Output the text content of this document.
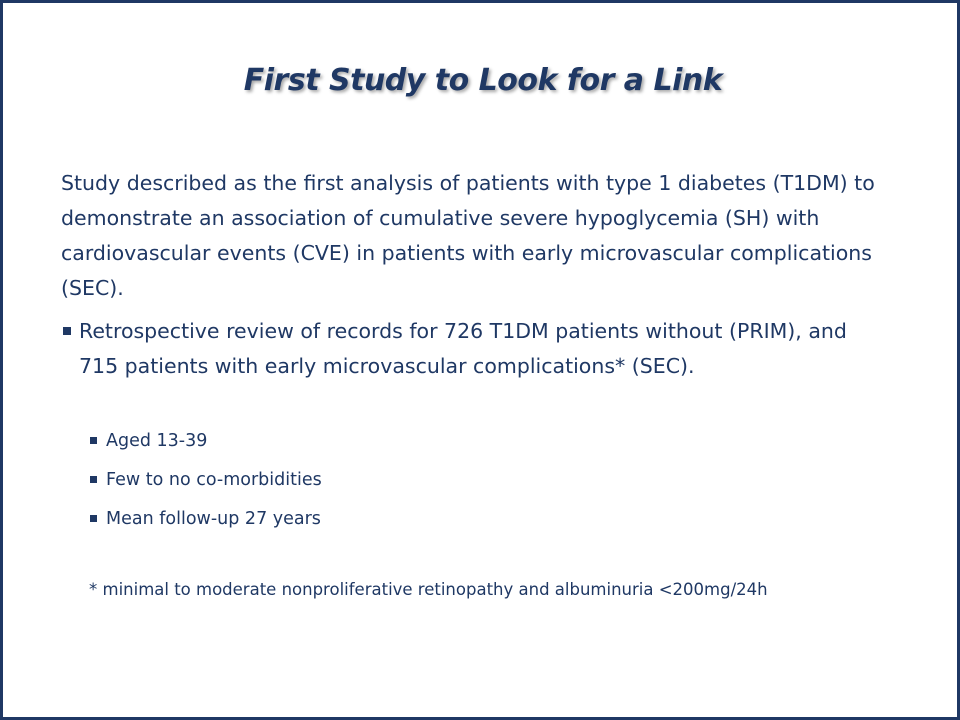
First Study to Look for a Link
Study described as the first analysis of patients with type 1 diabetes (T1DM) to demonstrate an association of cumulative severe hypoglycemia (SH) with cardiovascular events (CVE) in patients with early microvascular complications (SEC).
Retrospective review of records for 726 T1DM patients without (PRIM), and 715 patients with early microvascular complications* (SEC).
Aged 13-39
Few to no co-morbidities
Mean follow-up 27 years
* minimal to moderate nonproliferative retinopathy and albuminuria <200mg/24h
